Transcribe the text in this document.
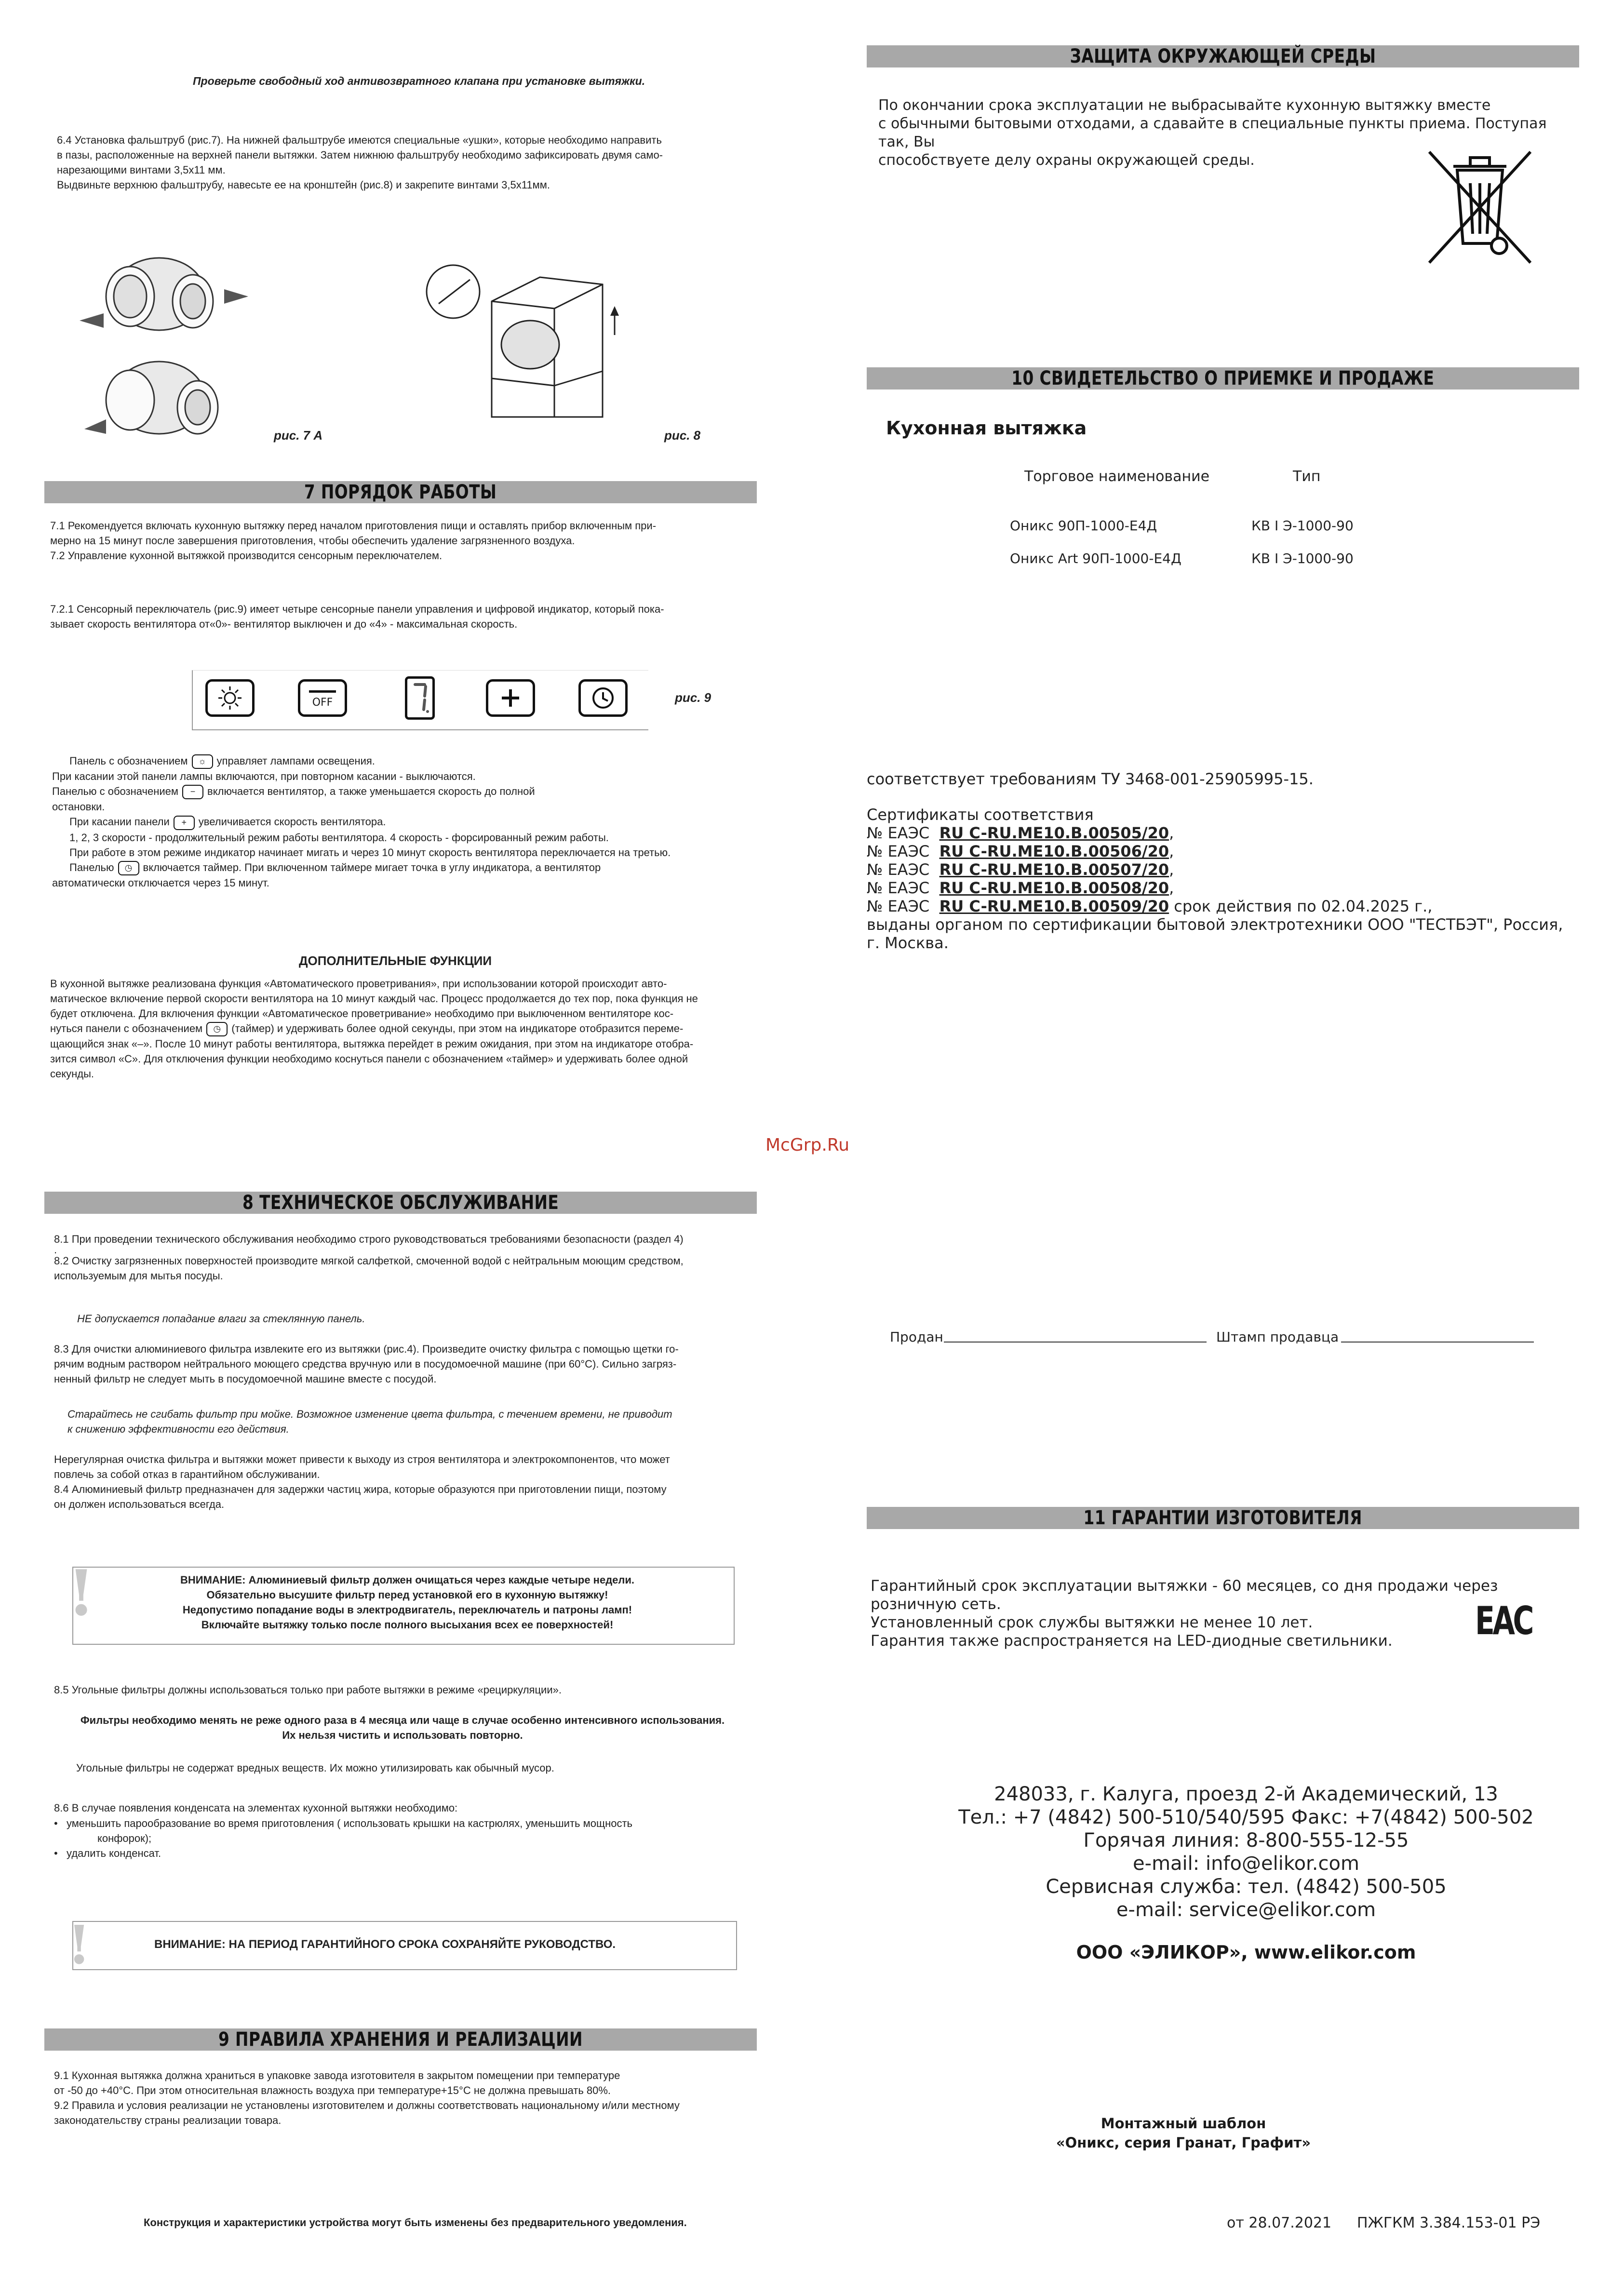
Проверьте свободный ход антивозвратного клапана при установке вытяжки.
6.4 Установка фальштруб (рис.7). На нижней фальштрубе имеются специальные «ушки», которые необходимо направить
в пазы, расположенные на верхней панели вытяжки. Затем нижнюю фальштрубу необходимо зафиксировать двумя само-
нарезающими винтами 3,5х11 мм.
Выдвиньте верхнюю фальштрубу, навесьте ее на кронштейн (рис.8) и закрепите винтами 3,5х11мм.
рис. 7 А	рис. 8
7 ПОРЯДОК РАБОТЫ
7.1 Рекомендуется включать кухонную вытяжку перед началом приготовления пищи и оставлять прибор включенным при-
мерно на 15 минут после завершения приготовления, чтобы обеспечить удаление загрязненного воздуха.
7.2 Управление кухонной вытяжкой производится сенсорным переключателем.
7.2.1 Сенсорный переключатель (рис.9) имеет четыре сенсорные панели управления и цифровой индикатор, который пока-
зывает скорость вентилятора от«0»- вентилятор выключен и до «4» - максимальная скорость.
OFF	рис. 9
Панель с обозначением ☼ управляет лампами освещения.
При касании этой панели лампы включаются, при повторном касании - выключаются.
Панелью с обозначением − включается вентилятор, а также уменьшается скорость до полной
остановки.
При касании панели + увеличивается скорость вентилятора.
1, 2, 3 скорости - продолжительный режим работы вентилятора. 4 скорость - форсированный режим работы.
При работе в этом режиме индикатор начинает мигать и через 10 минут скорость вентилятора переключается на третью.
Панелью ◷ включается таймер. При включенном таймере мигает точка в углу индикатора, а вентилятор
автоматически отключается через 15 минут.
ДОПОЛНИТЕЛЬНЫЕ ФУНКЦИИ
В кухонной вытяжке реализована функция «Автоматического проветривания», при использовании которой происходит авто-
матическое включение первой скорости вентилятора на 10 минут каждый час. Процесс продолжается до тех пор, пока функция не
будет отключена. Для включения функции «Автоматическое проветривание» необходимо при выключенном вентиляторе кос-
нуться панели с обозначением ◷ (таймер) и удерживать более одной секунды, при этом на индикаторе отобразится переме-
щающийся знак «–». После 10 минут работы вентилятора, вытяжка перейдет в режим ожидания, при этом на индикаторе отобра-
зится символ «С». Для отключения функции необходимо коснуться панели с обозначением «таймер» и удерживать более одной
секунды.
McGrp.Ru
8 ТЕХНИЧЕСКОЕ ОБСЛУЖИВАНИЕ
8.1 При проведении технического обслуживания необходимо строго руководствоваться требованиями безопасности (раздел 4)
.
8.2 Очистку загрязненных поверхностей производите мягкой салфеткой, смоченной водой с нейтральным моющим средством,
используемым для мытья посуды.
НЕ допускается попадание влаги за стеклянную панель.
8.3 Для очистки алюминиевого фильтра извлеките его из вытяжки (рис.4). Произведите очистку фильтра с помощью щетки го-
рячим водным раствором нейтрального моющего средства вручную или в посудомоечной машине (при 60°С). Сильно загряз-
ненный фильтр не следует мыть в посудомоечной машине вместе с посудой.
Старайтесь не сгибать фильтр при мойке. Возможное изменение цвета фильтра, с течением времени, не приводит
к снижению эффективности его действия.
Нерегулярная очистка фильтра и вытяжки может привести к выходу из строя вентилятора и электрокомпонентов, что может
повлечь за собой отказ в гарантийном обслуживании.
8.4 Алюминиевый фильтр предназначен для задержки частиц жира, которые образуются при приготовлении пищи, поэтому
он должен использоваться всегда.
!	ВНИМАНИЕ: Алюминиевый фильтр должен очищаться через каждые четыре недели.
Обязательно высушите фильтр перед установкой его в кухонную вытяжку!
Недопустимо попадание воды в электродвигатель, переключатель и патроны ламп!
Включайте вытяжку только после полного высыхания всех ее поверхностей!
8.5 Угольные фильтры должны использоваться только при работе вытяжки в режиме «рециркуляции».
Фильтры необходимо менять не реже одного раза в 4 месяца или чаще в случае особенно интенсивного использования.
Их нельзя чистить и использовать повторно.
Угольные фильтры не содержат вредных веществ. Их можно утилизировать как обычный мусор.
8.6 В случае появления конденсата на элементах кухонной вытяжки необходимо:
•   уменьшить парообразование во время приготовления ( использовать крышки на кастрюлях, уменьшить мощность
конфорок);
•   удалить конденсат.
!	ВНИМАНИЕ: НА ПЕРИОД ГАРАНТИЙНОГО СРОКА СОХРАНЯЙТЕ РУКОВОДСТВО.
9 ПРАВИЛА ХРАНЕНИЯ И РЕАЛИЗАЦИИ
9.1 Кухонная вытяжка должна храниться в упаковке завода изготовителя в закрытом помещении при температуре
от -50 до +40°С. При этом относительная влажность воздуха при температуре+15°С не должна превышать 80%.
9.2 Правила и условия реализации не установлены изготовителем и должны соответствовать национальному и/или местному
законодательству страны реализации товара.
Конструкция и характеристики устройства могут быть изменены без предварительного уведомления.
ЗАЩИТА ОКРУЖАЮЩЕЙ СРЕДЫ
По окончании срока эксплуатации не выбрасывайте кухонную вытяжку вместе
с обычными бытовыми отходами, а сдавайте в специальные пункты приема. Поступая так, Вы
способствуете делу охраны окружающей среды.
10 СВИДЕТЕЛЬСТВО О ПРИЕМКЕ И ПРОДАЖЕ
Кухонная вытяжка
Торговое наименование	Тип
Оникс 90П-1000-Е4Д	КВ I Э-1000-90
Оникс Art 90П-1000-Е4Д	КВ I Э-1000-90
соответствует требованиям ТУ 3468-001-25905995-15.
Сертификаты соответствия
№ ЕАЭС RU C-RU.ME10.B.00505/20,
№ ЕАЭС RU C-RU.ME10.B.00506/20,
№ ЕАЭС RU C-RU.ME10.B.00507/20,
№ ЕАЭС RU C-RU.ME10.B.00508/20,
№ ЕАЭС RU C-RU.ME10.B.00509/20 срок действия по 02.04.2025 г.,
выданы органом по сертификации бытовой электротехники ООО "ТЕСТБЭТ", Россия, г. Москва.
Продан	Штамп продавца
11 ГАРАНТИИ ИЗГОТОВИТЕЛЯ
Гарантийный срок эксплуатации вытяжки - 60 месяцев, со дня продажи через розничную сеть.
Установленный срок службы вытяжки не менее 10 лет.
Гарантия также распространяется на LED-диодные светильники.	EAC
248033, г. Калуга, проезд 2-й Академический, 13
Тел.: +7 (4842) 500-510/540/595 Факс: +7(4842) 500-502
Горячая линия: 8-800-555-12-55
e-mail: info@elikor.com
Сервисная служба: тел. (4842) 500-505
e-mail: service@elikor.com
ООО «ЭЛИКОР», www.elikor.com
Монтажный шаблон
«Оникс, серия Гранат, Графит»
от 28.07.2021 ПЖГКМ 3.384.153-01 РЭ
